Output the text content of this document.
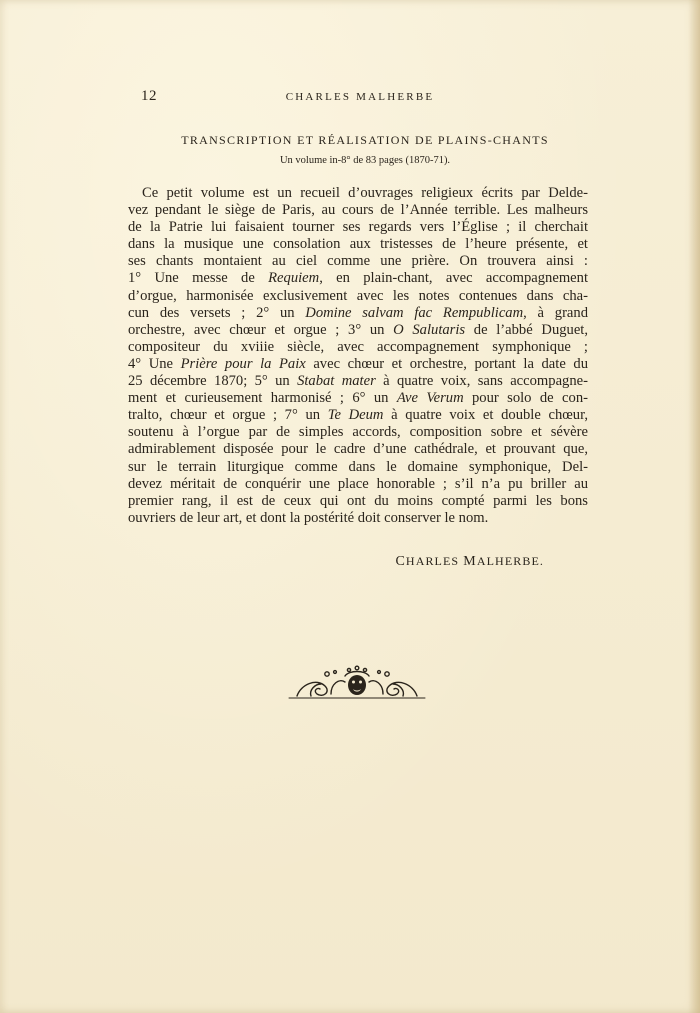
12	CHARLES MALHERBE
TRANSCRIPTION ET RÉALISATION DE PLAINS-CHANTS
Un volume in-8° de 83 pages (1870-71).
Ce petit volume est un recueil d’ouvrages religieux écrits par Delde-
vez pendant le siège de Paris, au cours de l’Année terrible. Les malheurs
de la Patrie lui faisaient tourner ses regards vers l’Église ; il cherchait
dans la musique une consolation aux tristesses de l’heure présente, et
ses chants montaient au ciel comme une prière. On trouvera ainsi :
1° Une messe de Requiem, en plain-chant, avec accompagnement
d’orgue, harmonisée exclusivement avec les notes contenues dans cha-
cun des versets ; 2° un Domine salvam fac Rempublicam, à grand
orchestre, avec chœur et orgue ; 3° un O Salutaris de l’abbé Duguet,
compositeur du xviiie siècle, avec accompagnement symphonique ;
4° Une Prière pour la Paix avec chœur et orchestre, portant la date du
25 décembre 1870; 5° un Stabat mater à quatre voix, sans accompagne-
ment et curieusement harmonisé ; 6° un Ave Verum pour solo de con-
tralto, chœur et orgue ; 7° un Te Deum à quatre voix et double chœur,
soutenu à l’orgue par de simples accords, composition sobre et sévère
admirablement disposée pour le cadre d’une cathédrale, et prouvant que,
sur le terrain liturgique comme dans le domaine symphonique, Del-
devez méritait de conquérir une place honorable ; s’il n’a pu briller au
premier rang, il est de ceux qui ont du moins compté parmi les bons
ouvriers de leur art, et dont la postérité doit conserver le nom.
CHARLES MALHERBE.
